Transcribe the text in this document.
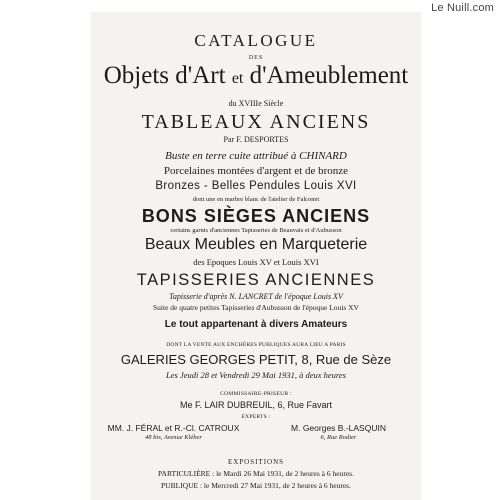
Le Nuill.com
CATALOGUE
DES
Objets d'Art et d'Ameublement
du XVIIIe Siècle
TABLEAUX ANCIENS
Par F. DESPORTES
Buste en terre cuite attribué à CHINARD
Porcelaines montées d'argent et de bronze
Bronzes - Belles Pendules Louis XVI
dont une en marbre blanc de l'atelier de Falconet
BONS SIÈGES ANCIENS
certains garnis d'anciennes Tapisseries de Beauvais et d'Aubusson
Beaux Meubles en Marqueterie
des Epoques Louis XV et Louis XVI
TAPISSERIES ANCIENNES
Tapisserie d'après N. LANCRET de l'époque Louis XV
Suite de quatre petites Tapisseries d'Aubusson de l'époque Louis XV
Le tout appartenant à divers Amateurs
DONT LA VENTE AUX ENCHÈRES PUBLIQUES AURA LIEU A PARIS
GALERIES GEORGES PETIT, 8, Rue de Sèze
Les Jeudi 28 et Vendredi 29 Mai 1931, à deux heures
COMMISSAIRE-PRISEUR :
Me F. LAIR DUBREUIL, 6, Rue Favart
EXPERTS :
MM. J. FÉRAL et R.-Cl. CATROUX	M. Georges B.-LASQUIN
48 bis, Avenue Kléber	6, Rue Rodier
EXPOSITIONS
PARTICULIÈRE : le Mardi 26 Mai 1931, de 2 heures à 6 heures.
PUBLIQUE : le Mercredi 27 Mai 1931, de 2 heures à 6 heures.
